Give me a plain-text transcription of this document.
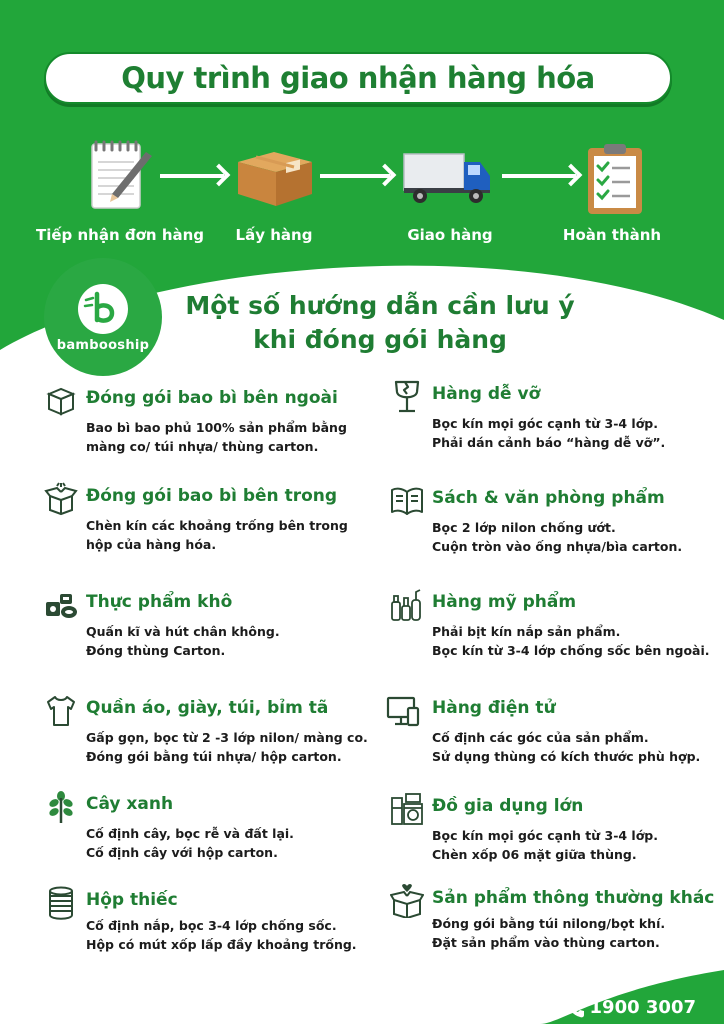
Quy trình giao nhận hàng hóa
Tiếp nhận đơn hàng	Lấy hàng	Giao hàng	Hoàn thành
bambooship
Một số hướng dẫn cần lưu ý
khi đóng gói hàng
Đóng gói bao bì bên ngoài
Bao bì bao phủ 100% sản phẩm bằng
màng co/ túi nhựa/ thùng carton.
Đóng gói bao bì bên trong
Chèn kín các khoảng trống bên trong
hộp của hàng hóa.
Thực phẩm khô
Quấn kĩ và hút chân không.
Đóng thùng Carton.
Quần áo, giày, túi, bỉm tã
Gấp gọn, bọc từ 2 -3 lớp nilon/ màng co.
Đóng gói bằng túi nhựa/ hộp carton.
Cây xanh
Cố định cây, bọc rễ và đất lại.
Cố định cây với hộp carton.
Hộp thiếc
Cố định nắp, bọc 3-4 lớp chống sốc.
Hộp có mút xốp lấp đầy khoảng trống.
Hàng dễ vỡ
Bọc kín mọi góc cạnh từ 3-4 lớp.
Phải dán cảnh báo “hàng dễ vỡ”.
Sách & văn phòng phẩm
Bọc 2 lớp nilon chống ướt.
Cuộn tròn vào ống nhựa/bìa carton.
Hàng mỹ phẩm
Phải bịt kín nắp sản phẩm.
Bọc kín từ 3-4 lớp chống sốc bên ngoài.
Hàng điện tử
Cố định các góc của sản phẩm.
Sử dụng thùng có kích thước phù hợp.
Đồ gia dụng lớn
Bọc kín mọi góc cạnh từ 3-4 lớp.
Chèn xốp 06 mặt giữa thùng.
Sản phẩm thông thường khác
Đóng gói bằng túi nilong/bọt khí.
Đặt sản phẩm vào thùng carton.
1900 3007
